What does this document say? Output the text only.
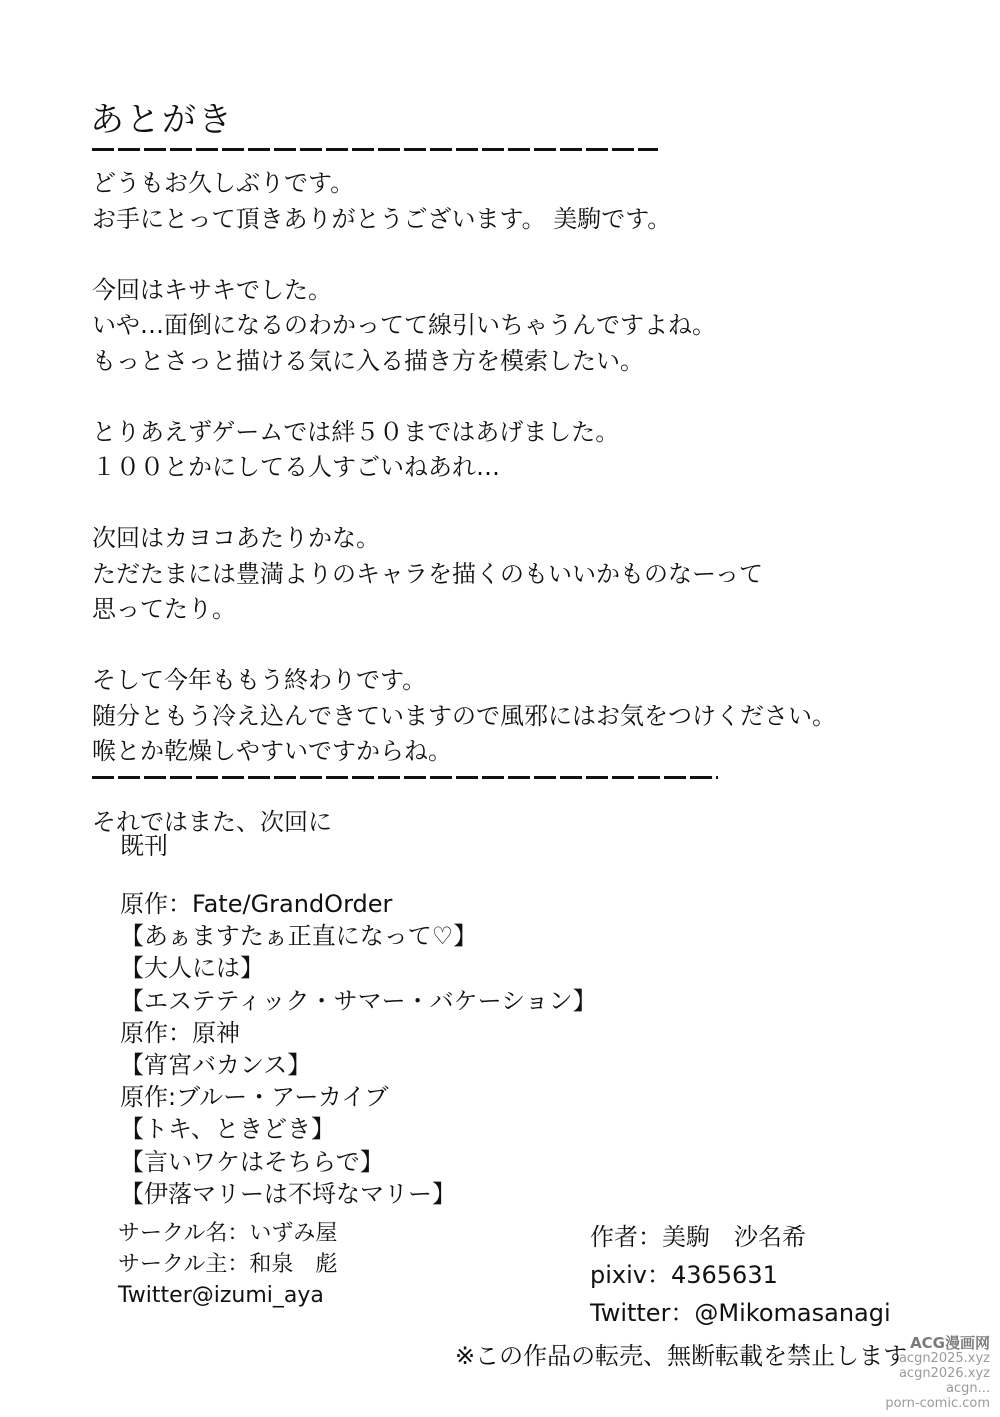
あとがき

どうもお久しぶりです。

お手にとって頂きありがとうございます。 美駒です。

今回はキサキでした。

いや…面倒になるのわかってて線引いちゃうんですよね。

もっとさっと描ける気に入る描き方を模索したい。

とりあえずゲームでは絆５０まではあげました。

１００とかにしてる人すごいねあれ…

次回はカヨコあたりかな。

ただたまには豊満よりのキャラを描くのもいいかものなーって

思ってたり。

そして今年ももう終わりです。

随分ともう冷え込んできていますので風邪にはお気をつけください。

喉とか乾燥しやすいですからね。

それではまた、次回に

既刊

原作：Fate/GrandOrder

【あぁますたぁ正直になって♡】

【大人には】

【エステティック・サマー・バケーション】

原作：原神

【宵宮バカンス】

原作:ブルー・アーカイブ

【トキ、ときどき】

【言いワケはそちらで】

【伊落マリーは不埒なマリー】

サークル名：いずみ屋

サークル主：和泉　彪

Twitter@izumi_aya

作者：美駒　沙名希

pixiv：4365631

Twitter：@Mikomasanagi

※この作品の転売、無断転載を禁止します ACG漫画网
acgn2025.xyz
acgn2026.xyz
acgn...
porn-comic.com
